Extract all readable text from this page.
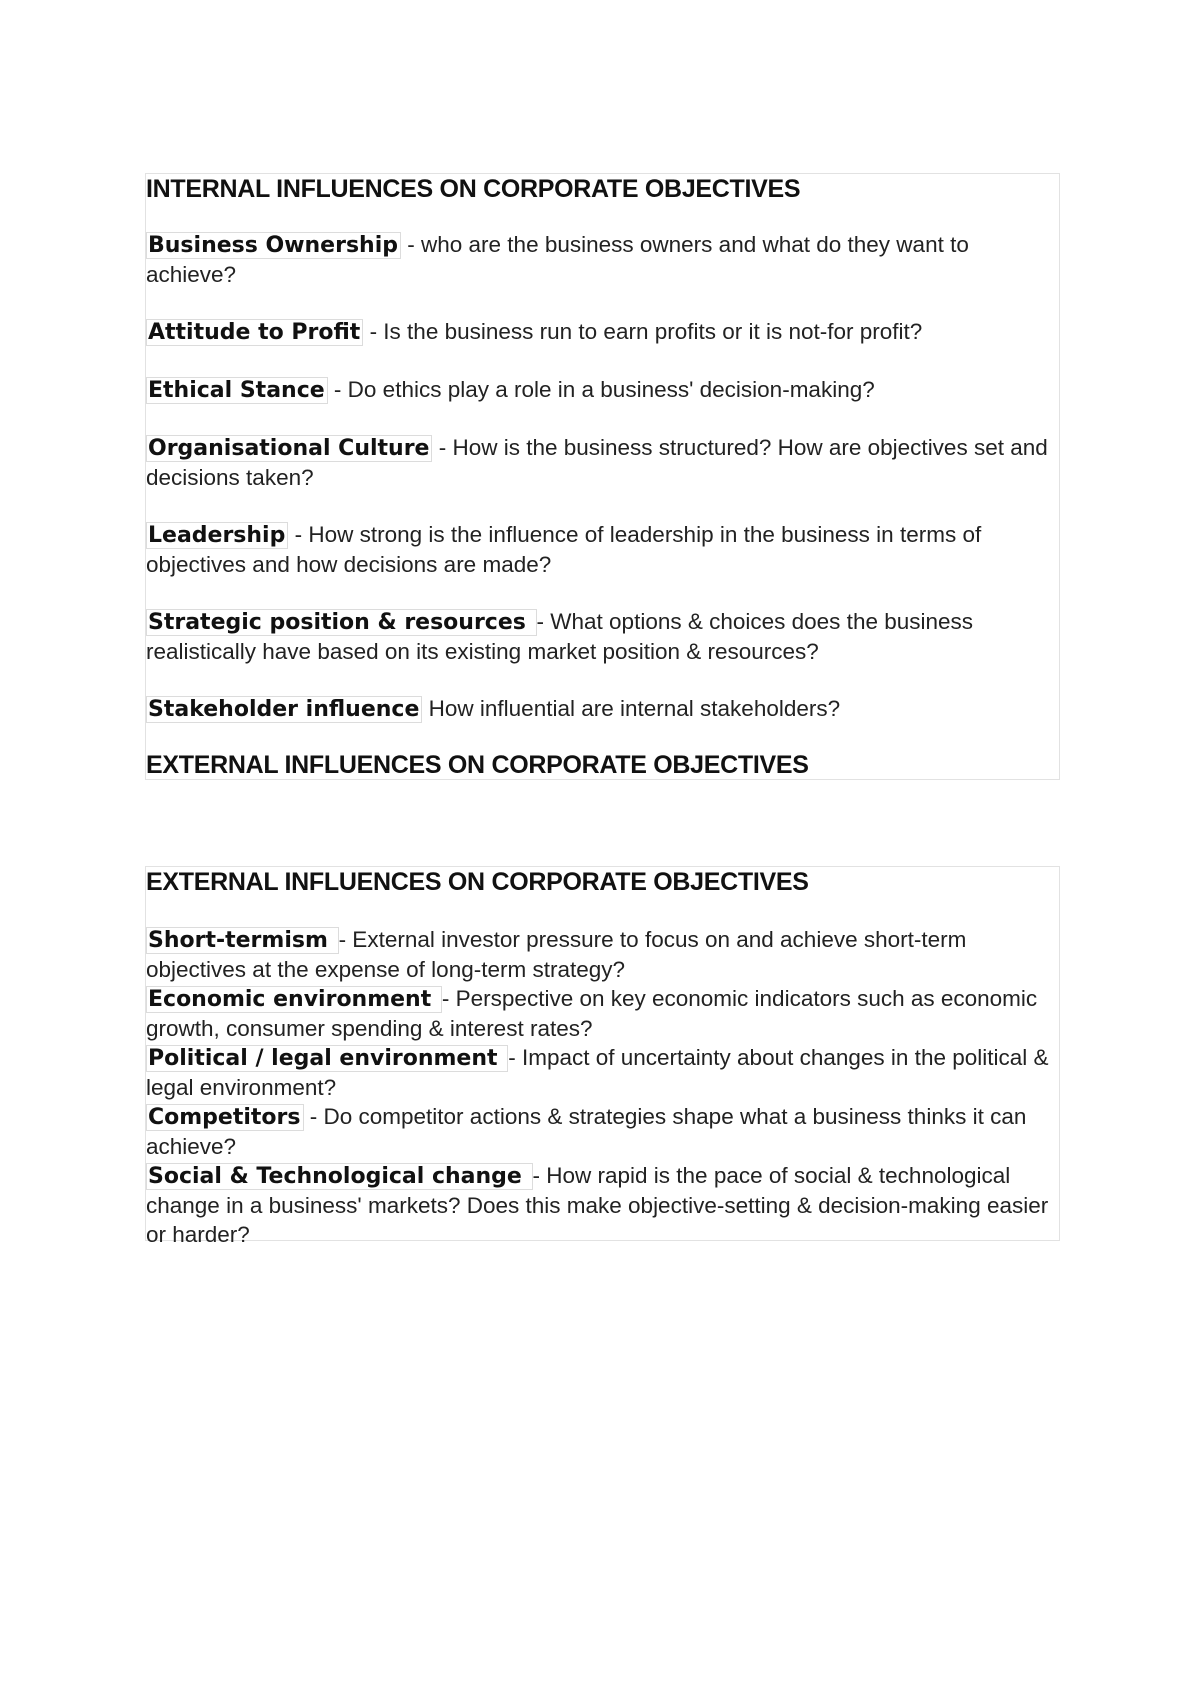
INTERNAL INFLUENCES ON CORPORATE OBJECTIVES

Business Ownership - who are the business owners and what do they want to achieve?

Attitude to Profit - Is the business run to earn profits or it is not-for profit?

Ethical Stance - Do ethics play a role in a business' decision-making?

Organisational Culture - How is the business structured? How are objectives set and decisions taken?

Leadership - How strong is the influence of leadership in the business in terms of objectives and how decisions are made?

Strategic position & resources - What options & choices does the business realistically have based on its existing market position & resources?

Stakeholder influence How influential are internal stakeholders?

EXTERNAL INFLUENCES ON CORPORATE OBJECTIVES

EXTERNAL INFLUENCES ON CORPORATE OBJECTIVES

Short-termism - External investor pressure to focus on and achieve short-term objectives at the expense of long-term strategy?

Economic environment - Perspective on key economic indicators such as economic growth, consumer spending & interest rates?

Political / legal environment - Impact of uncertainty about changes in the political & legal environment?

Competitors - Do competitor actions & strategies shape what a business thinks it can achieve?

Social & Technological change - How rapid is the pace of social & technological change in a business' markets? Does this make objective-setting & decision-making easier or harder?
